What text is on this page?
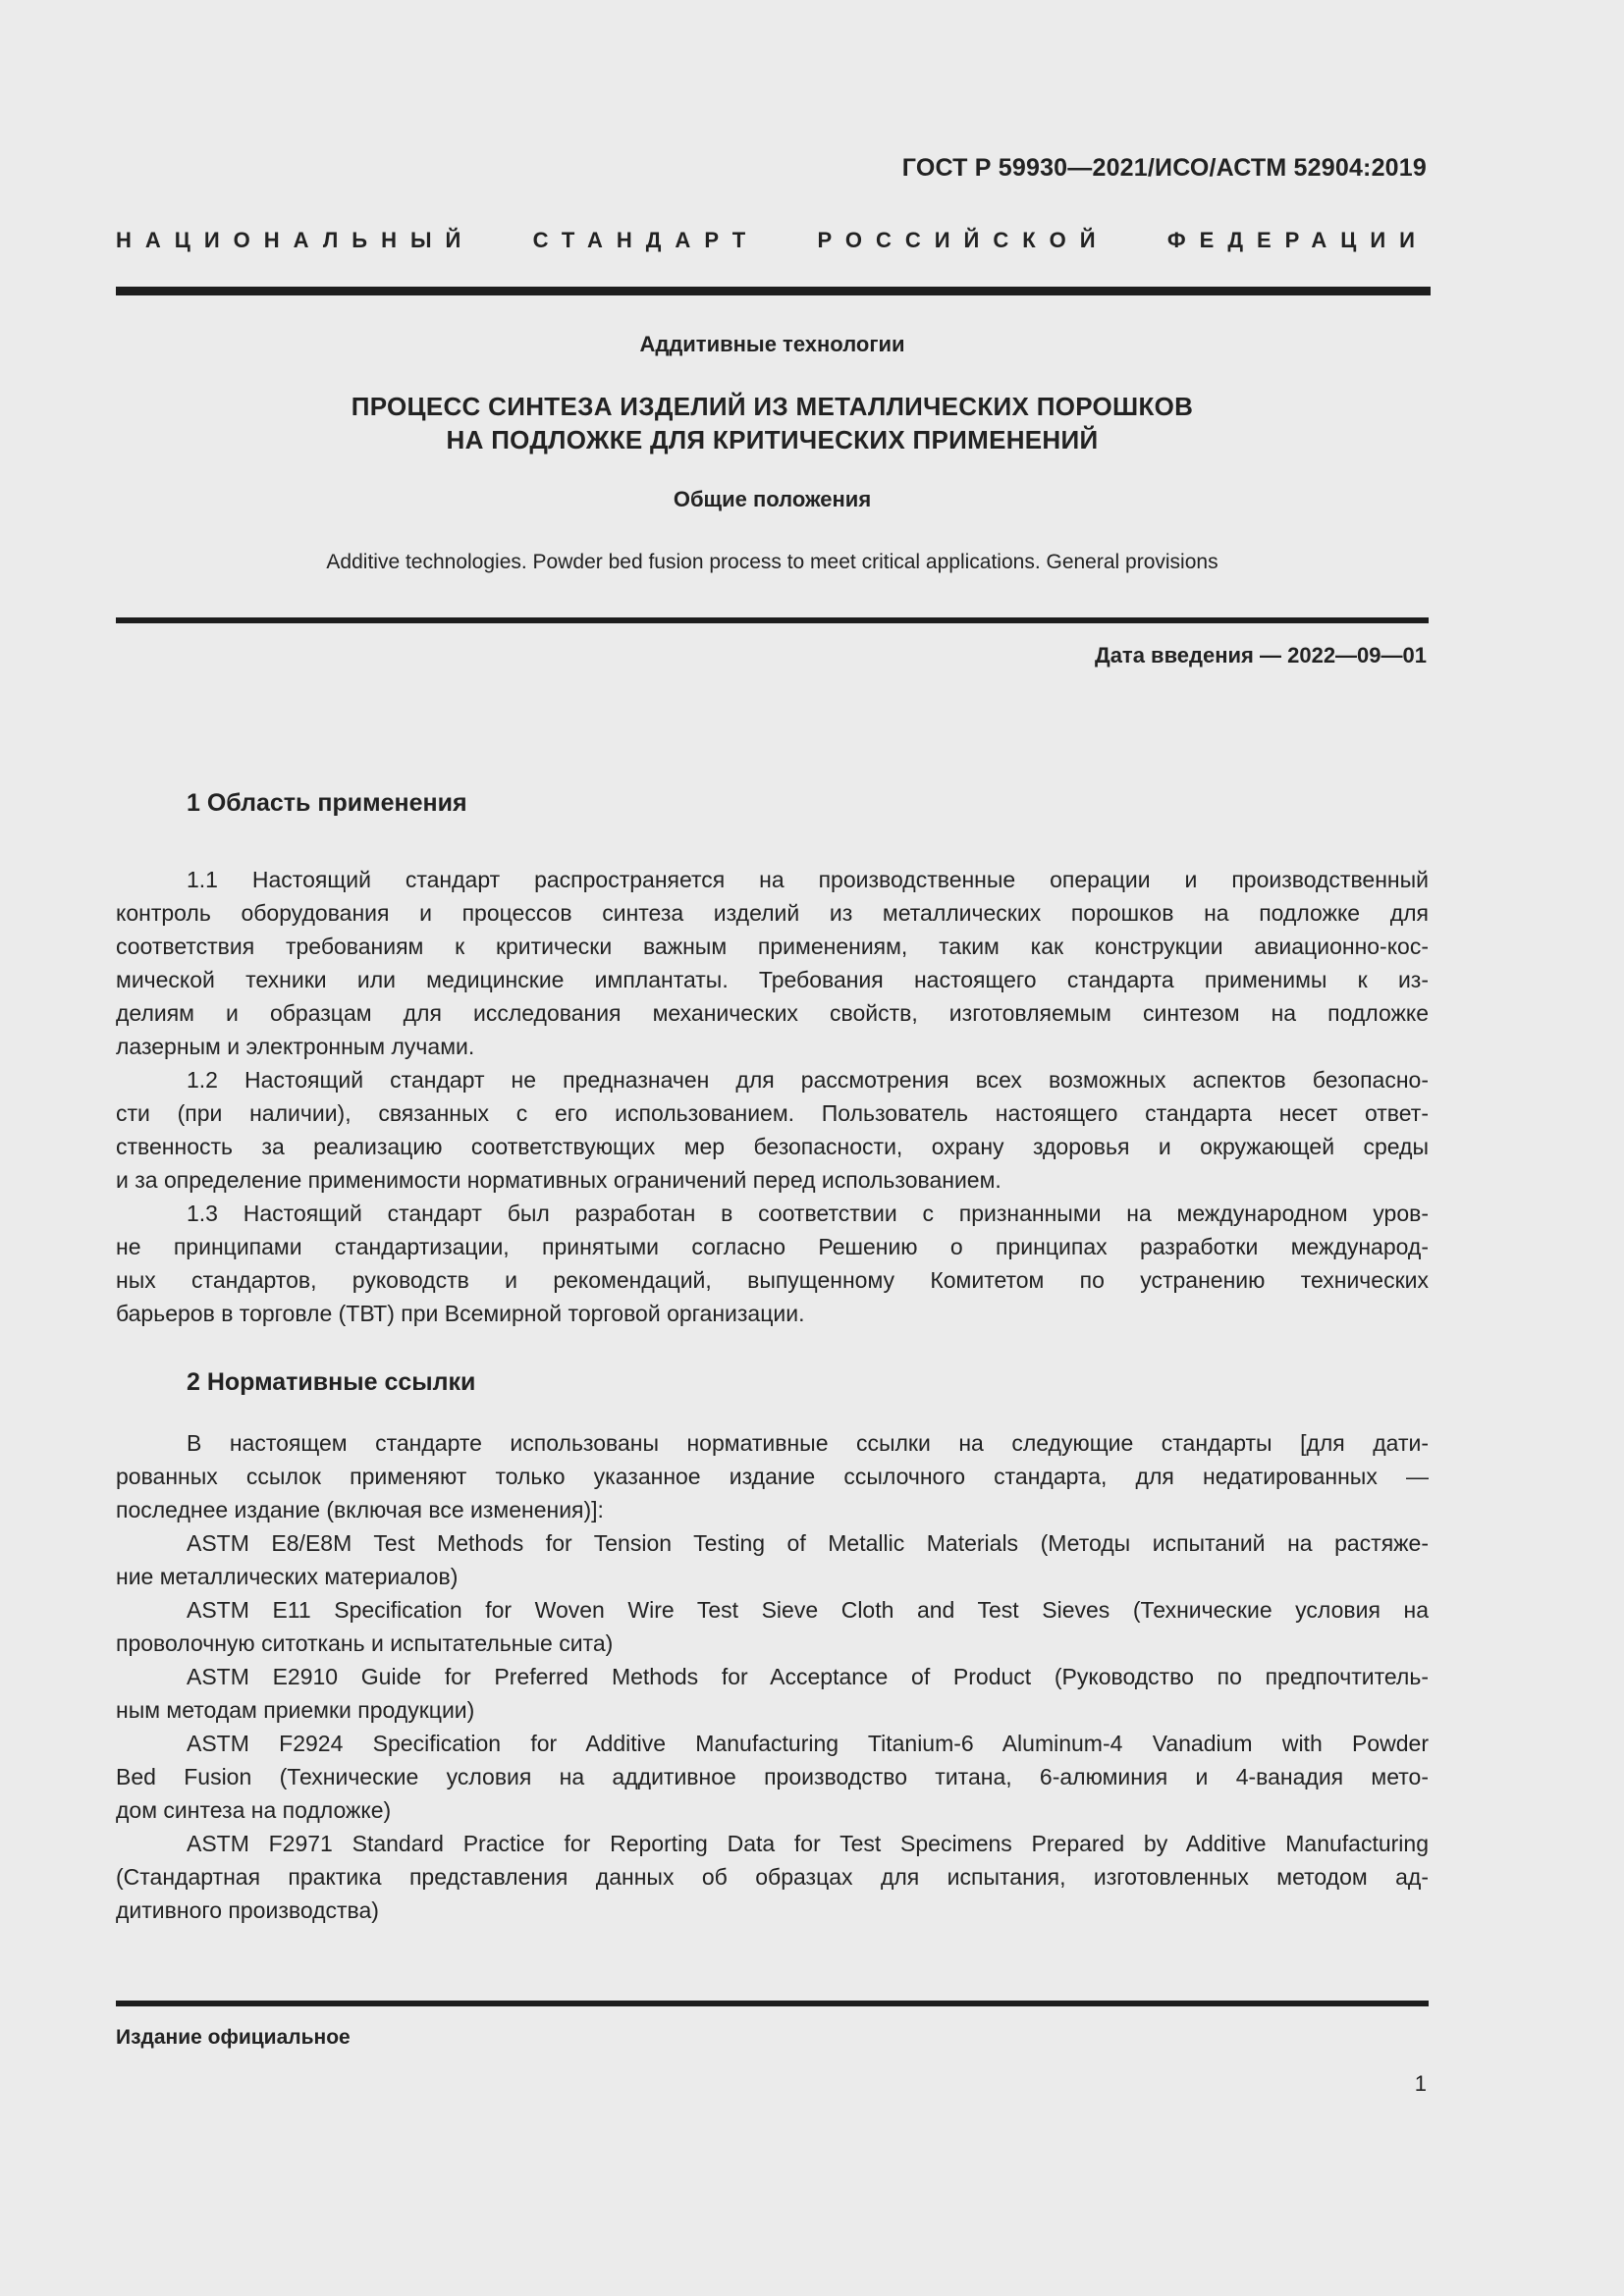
ГОСТ Р 59930—2021/ИСО/АСТМ 52904:2019
НАЦИОНАЛЬНЫЙ СТАНДАРТ РОССИЙСКОЙ ФЕДЕРАЦИИ
Аддитивные технологии
ПРОЦЕСС СИНТЕЗА ИЗДЕЛИЙ ИЗ МЕТАЛЛИЧЕСКИХ ПОРОШКОВ
НА ПОДЛОЖКЕ ДЛЯ КРИТИЧЕСКИХ ПРИМЕНЕНИЙ
Общие положения
Additive technologies. Powder bed fusion process to meet critical applications. General provisions
Дата введения — 2022—09—01
1 Область применения
1.1 Настоящий стандарт распространяется на производственные операции и производственный
контроль оборудования и процессов синтеза изделий из металлических порошков на подложке для
соответствия требованиям к критически важным применениям, таким как конструкции авиационно-кос-
мической техники или медицинские имплантаты. Требования настоящего стандарта применимы к из-
делиям и образцам для исследования механических свойств, изготовляемым синтезом на подложке
лазерным и электронным лучами.
1.2 Настоящий стандарт не предназначен для рассмотрения всех возможных аспектов безопасно-
сти (при наличии), связанных с его использованием. Пользователь настоящего стандарта несет ответ-
ственность за реализацию соответствующих мер безопасности, охрану здоровья и окружающей среды
и за определение применимости нормативных ограничений перед использованием.
1.3 Настоящий стандарт был разработан в соответствии с признанными на международном уров-
не принципами стандартизации, принятыми согласно Решению о принципах разработки международ-
ных стандартов, руководств и рекомендаций, выпущенному Комитетом по устранению технических
барьеров в торговле (ТВТ) при Всемирной торговой организации.
2 Нормативные ссылки
В настоящем стандарте использованы нормативные ссылки на следующие стандарты [для дати-
рованных ссылок применяют только указанное издание ссылочного стандарта, для недатированных —
последнее издание (включая все изменения)]:
ASTM E8/E8M Test Methods for Tension Testing of Metallic Materials (Методы испытаний на растяже-
ние металлических материалов)
ASTM E11 Specification for Woven Wire Test Sieve Cloth and Test Sieves (Технические условия на
проволочную ситоткань и испытательные сита)
ASTM E2910 Guide for Preferred Methods for Acceptance of Product (Руководство по предпочтитель-
ным методам приемки продукции)
ASTM F2924 Specification for Additive Manufacturing Titanium-6 Aluminum-4 Vanadium with Powder
Bed Fusion (Технические условия на аддитивное производство титана, 6-алюминия и 4-ванадия мето-
дом синтеза на подложке)
ASTM F2971 Standard Practice for Reporting Data for Test Specimens Prepared by Additive Manufacturing
(Стандартная практика представления данных об образцах для испытания, изготовленных методом ад-
дитивного производства)
Издание официальное
1
